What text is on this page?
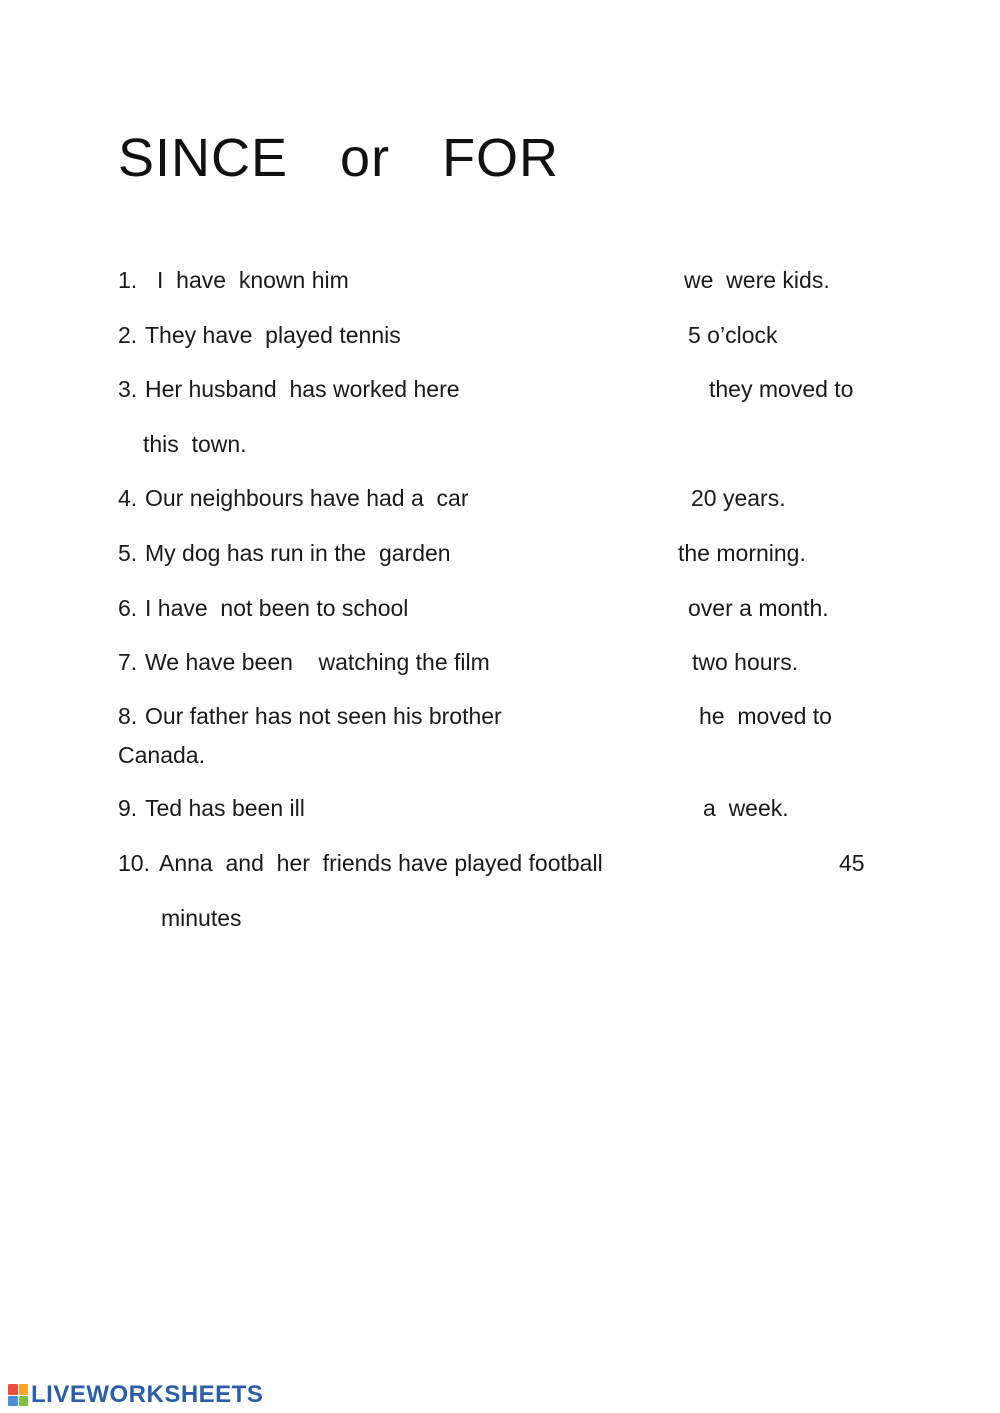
SINCE or FOR
1. I  have  known him	we  were kids.
2. They have  played tennis	5 o’clock
3. Her husband  has worked here	they moved to
this  town.
4. Our neighbours have had a  car	20 years.
5. My dog has run in the  garden	the morning.
6. I have  not been to school	over a month.
7. We have been    watching the film	two hours.
8. Our father has not seen his brother	he  moved to
Canada.
9. Ted has been ill	a  week.
10. Anna  and  her  friends have played football	45
minutes
LIVEWORKSHEETS
